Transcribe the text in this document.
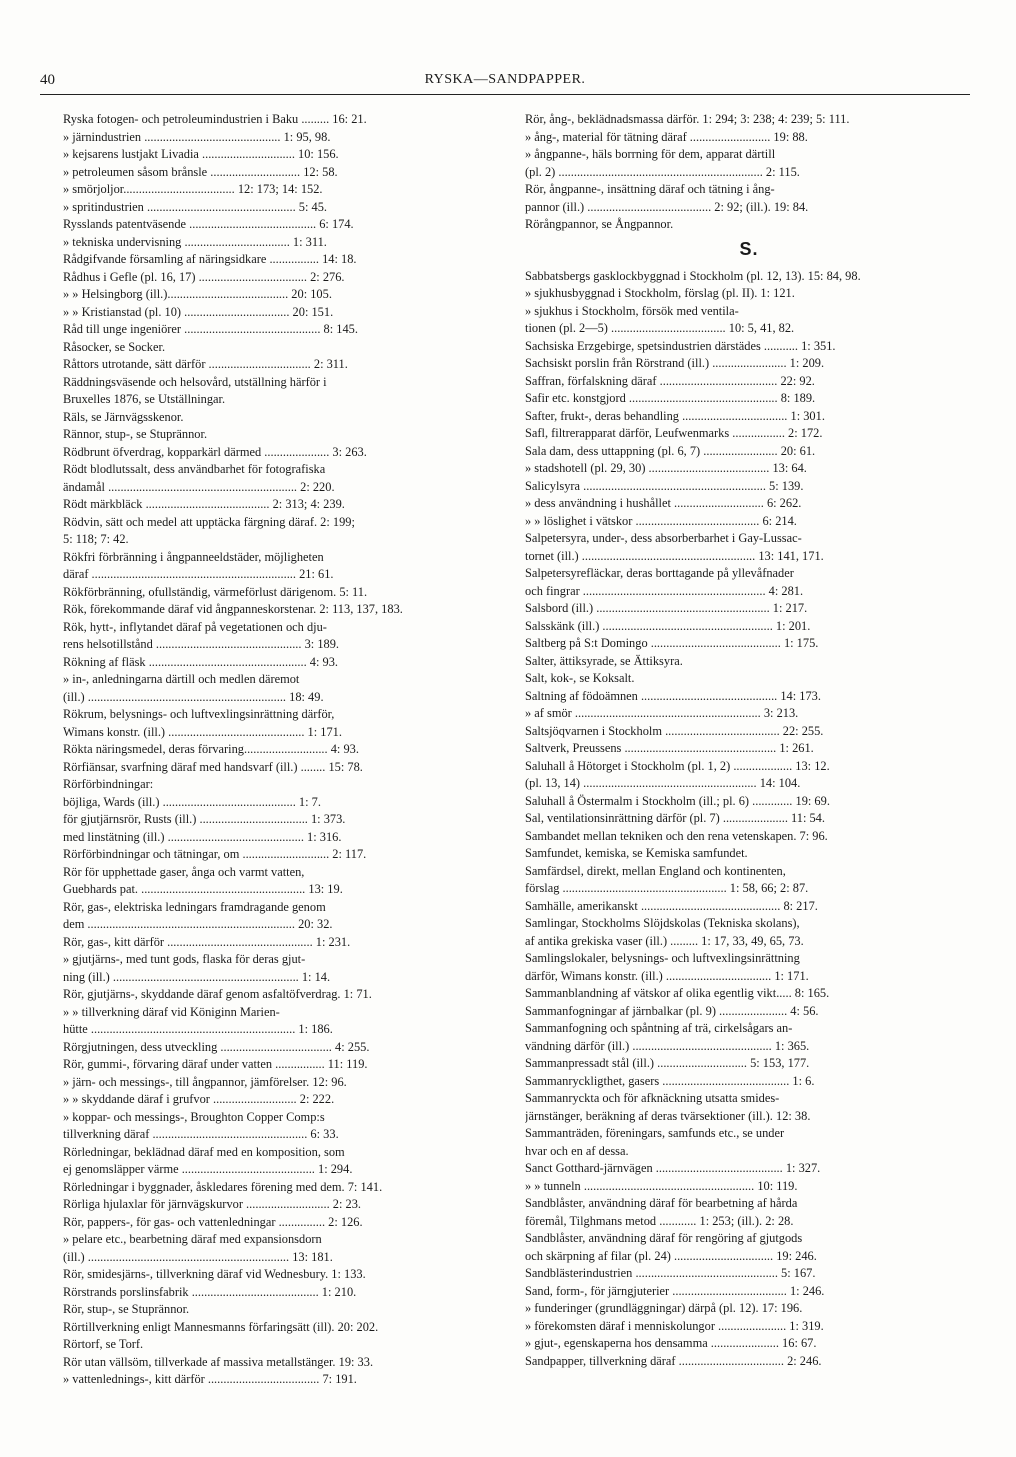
40	RYSKA—SANDPAPPER.
Ryska fotogen- och petroleumindustrien i Baku ......... 16: 21.
» järnindustrien ............................................ 1: 95, 98.
» kejsarens lustjakt Livadia .............................. 10: 156.
» petroleumen såsom brånsle ............................. 12: 58.
» smörjoljor.................................... 12: 173; 14: 152.
» spritindustrien ................................................ 5: 45.
Rysslands patentväsende ......................................... 6: 174.
» tekniska undervisning .................................. 1: 311.
Rådgifvande församling af näringsidkare ................ 14: 18.
Rådhus i Gefle (pl. 16, 17) ................................... 2: 276.
» » Helsingborg (ill.)....................................... 20: 105.
» » Kristianstad (pl. 10) .................................. 20: 151.
Råd till unge ingeniörer ............................................ 8: 145.
Råsocker, se Socker.
Råttors utrotande, sätt därför ................................. 2: 311.
Räddningsväsende och helsovård, utställning härför i
Bruxelles 1876, se Utställningar.
Räls, se Järnvägsskenor.
Rännor, stup-, se Stuprännor.
Rödbrunt öfverdrag, kopparkärl därmed ..................... 3: 263.
Rödt blodlutssalt, dess användbarhet för fotografiska
ändamål ............................................................. 2: 220.
Rödt märkbläck ........................................ 2: 313; 4: 239.
Rödvin, sätt och medel att upptäcka färgning däraf. 2: 199;
5: 118; 7: 42.
Rökfri förbränning i ångpanneeldstäder, möjligheten
däraf .................................................................. 21: 61.
Rökförbränning, ofullständig, värmeförlust därigenom. 5: 11.
Rök, förekommande däraf vid ångpanneskorstenar. 2: 113, 137, 183.
Rök, hytt-, inflytandet däraf på vegetationen och dju-
rens helsotillstånd ............................................... 3: 189.
Rökning af fläsk ................................................... 4: 93.
» in-, anledningarna därtill och medlen däremot
(ill.) ................................................................ 18: 49.
Rökrum, belysnings- och luftvexlingsinrättning därför,
Wimans konstr. (ill.) ............................................ 1: 171.
Rökta näringsmedel, deras förvaring........................... 4: 93.
Rörfiänsar, svarfning däraf med handsvarf (ill.) ........ 15: 78.
Rörförbindningar:
böjliga, Wards (ill.) ........................................... 1: 7.
för gjutjärnsrör, Rusts (ill.) ................................... 1: 373.
med linstätning (ill.) ............................................ 1: 316.
Rörförbindningar och tätningar, om ............................ 2: 117.
Rör för upphettade gaser, ånga och varmt vatten,
Guebhards pat. ..................................................... 13: 19.
Rör, gas-, elektriska ledningars framdragande genom
dem ................................................................... 20: 32.
Rör, gas-, kitt därför ............................................... 1: 231.
» gjutjärns-, med tunt gods, flaska för deras gjut-
ning (ill.) ............................................................ 1: 14.
Rör, gjutjärns-, skyddande däraf genom asfaltöfverdrag. 1: 71.
» » tillverkning däraf vid Königinn Marien-
hütte .................................................................. 1: 186.
Rörgjutningen, dess utveckling .................................... 4: 255.
Rör, gummi-, förvaring däraf under vatten ................ 11: 119.
» järn- och messings-, till ångpannor, jämförelser. 12: 96.
» » skyddande däraf i grufvor ........................... 2: 222.
» koppar- och messings-, Broughton Copper Comp:s
tillverkning däraf .................................................. 6: 33.
Rörledningar, beklädnad däraf med en komposition, som
ej genomsläpper värme ........................................... 1: 294.
Rörledningar i byggnader, åskledares förening med dem. 7: 141.
Rörliga hjulaxlar för järnvägskurvor ........................... 2: 23.
Rör, pappers-, för gas- och vattenledningar ............... 2: 126.
» pelare etc., bearbetning däraf med expansionsdorn
(ill.) ................................................................. 13: 181.
Rör, smidesjärns-, tillverkning däraf vid Wednesbury. 1: 133.
Rörstrands porslinsfabrik ......................................... 1: 210.
Rör, stup-, se Stuprännor.
Rörtillverkning enligt Mannesmanns förfaringsätt (ill). 20: 202.
Rörtorf, se Torf.
Rör utan vällsöm, tillverkade af massiva metallstänger. 19: 33.
» vattenlednings-, kitt därför .................................... 7: 191.
Rör, ång-, beklädnadsmassa därför. 1: 294; 3: 238; 4: 239; 5: 111.
» ång-, material för tätning däraf .......................... 19: 88.
» ångpanne-, häls borrning för dem, apparat därtill
(pl. 2) .................................................................. 2: 115.
Rör, ångpanne-, insättning däraf och tätning i ång-
pannor (ill.) ........................................ 2: 92; (ill.). 19: 84.
Rörångpannor, se Ångpannor.
S.
Sabbatsbergs gasklockbyggnad i Stockholm (pl. 12, 13). 15: 84, 98.
» sjukhusbyggnad i Stockholm, förslag (pl. II). 1: 121.
» sjukhus i Stockholm, försök med ventila-
tionen (pl. 2—5) ..................................... 10: 5, 41, 82.
Sachsiska Erzgebirge, spetsindustrien därstädes ........... 1: 351.
Sachsiskt porslin från Rörstrand (ill.) ........................ 1: 209.
Saffran, förfalskning däraf ...................................... 22: 92.
Safir etc. konstgjord ................................................ 8: 189.
Safter, frukt-, deras behandling .................................. 1: 301.
Safl, filtrerapparat därför, Leufwenmarks ................. 2: 172.
Sala dam, dess uttappning (pl. 6, 7) ........................ 20: 61.
» stadshotell (pl. 29, 30) ....................................... 13: 64.
Salicylsyra ........................................................... 5: 139.
» dess användning i hushållet ............................. 6: 262.
» » löslighet i vätskor ........................................ 6: 214.
Salpetersyra, under-, dess absorberbarhet i Gay-Lussac-
tornet (ill.) ........................................................ 13: 141, 171.
Salpetersyrefläckar, deras borttagande på yllevåfnader
och fingrar ........................................................... 4: 281.
Salsbord (ill.) ........................................................ 1: 217.
Salsskänk (ill.) ....................................................... 1: 201.
Saltberg på S:t Domingo .......................................... 1: 175.
Salter, ättiksyrade, se Ättiksyra.
Salt, kok-, se Koksalt.
Saltning af födoämnen ............................................ 14: 173.
» af smör ............................................................ 3: 213.
Saltsjöqvarnen i Stockholm ..................................... 22: 255.
Saltverk, Preussens ................................................. 1: 261.
Saluhall å Hötorget i Stockholm (pl. 1, 2) ................... 13: 12.
(pl. 13, 14) ........................................................ 14: 104.
Saluhall å Östermalm i Stockholm (ill.; pl. 6) ............. 19: 69.
Sal, ventilationsinrättning därför (pl. 7) ..................... 11: 54.
Sambandet mellan tekniken och den rena vetenskapen. 7: 96.
Samfundet, kemiska, se Kemiska samfundet.
Samfärdsel, direkt, mellan England och kontinenten,
förslag ..................................................... 1: 58, 66; 2: 87.
Samhälle, amerikanskt ............................................. 8: 217.
Samlingar, Stockholms Slöjdskolas (Tekniska skolans),
af antika grekiska vaser (ill.) ......... 1: 17, 33, 49, 65, 73.
Samlingslokaler, belysnings- och luftvexlingsinrättning
därför, Wimans konstr. (ill.) .................................. 1: 171.
Sammanblandning af vätskor af olika egentlig vikt..... 8: 165.
Sammanfogningar af järnbalkar (pl. 9) ...................... 4: 56.
Sammanfogning och spåntning af trä, cirkelsågars an-
vändning därför (ill.) ............................................. 1: 365.
Sammanpressadt stål (ill.) ............................. 5: 153, 177.
Sammanryckligthet, gasers ......................................... 1: 6.
Sammanryckta och för afknäckning utsatta smides-
järnstänger, beräkning af deras tvärsektioner (ill.). 12: 38.
Sammanträden, föreningars, samfunds etc., se under
hvar och en af dessa.
Sanct Gotthard-järnvägen ......................................... 1: 327.
» » tunneln ....................................................... 10: 119.
Sandblåster, användning däraf för bearbetning af hårda
föremål, Tilghmans metod ............ 1: 253; (ill.). 2: 28.
Sandblåster, användning däraf för rengöring af gjutgods
och skärpning af filar (pl. 24) ................................ 19: 246.
Sandblästerindustrien .............................................. 5: 167.
Sand, form-, för järngjuterier ..................................... 1: 246.
» funderinger (grundläggningar) därpå (pl. 12). 17: 196.
» förekomsten däraf i menniskolungor ...................... 1: 319.
» gjut-, egenskaperna hos densamma ...................... 16: 67.
Sandpapper, tillverkning däraf .................................. 2: 246.
